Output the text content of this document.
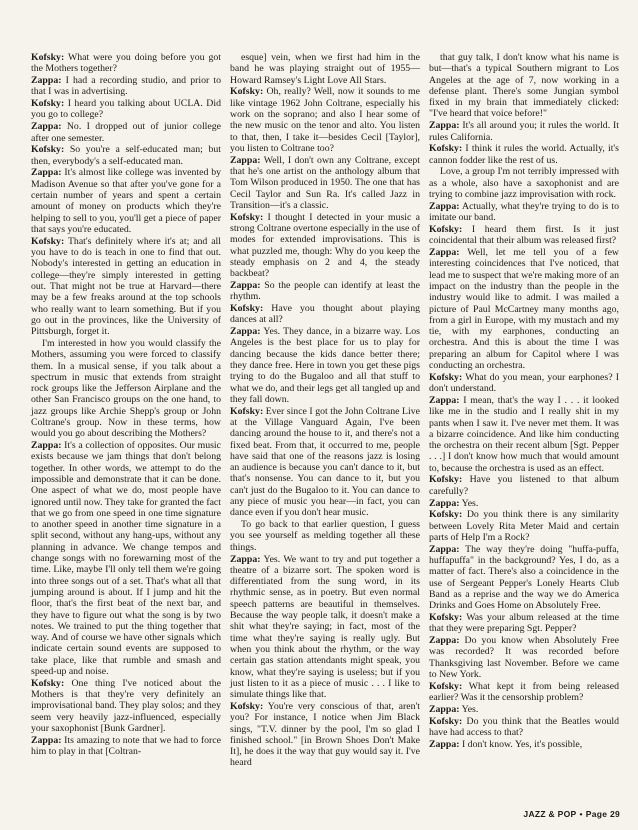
Kofsky: What were you doing before you got the Mothers together?

Zappa: I had a recording studio, and prior to that I was in advertising.

Kofsky: I heard you talking about UCLA. Did you go to college?

Zappa: No. I dropped out of junior college after one semester.

Kofsky: So you're a self-educated man; but then, everybody's a self-educated man.

Zappa: It's almost like college was invented by Madison Avenue so that after you've gone for a certain number of years and spent a certain amount of money on products which they're helping to sell to you, you'll get a piece of paper that says you're educated.

Kofsky: That's definitely where it's at; and all you have to do is teach in one to find that out. Nobody's interested in getting an education in college—they're simply interested in getting out. That might not be true at Harvard—there may be a few freaks around at the top schools who really want to learn something. But if you go out in the provinces, like the University of Pittsburgh, forget it.

I'm interested in how you would classify the Mothers, assuming you were forced to classify them. In a musical sense, if you talk about a spectrum in music that extends from straight rock groups like the Jefferson Airplane and the other San Francisco groups on the one hand, to jazz groups like Archie Shepp's group or John Coltrane's group. Now in these terms, how would you go about describing the Mothers?

Zappa: It's a collection of opposites. Our music exists because we jam things that don't belong together. In other words, we attempt to do the impossible and demonstrate that it can be done. One aspect of what we do, most people have ignored until now. They take for granted the fact that we go from one speed in one time signature to another speed in another time signature in a split second, without any hang-ups, without any planning in advance. We change tempos and change songs with no forewarning most of the time. Like, maybe I'll only tell them we're going into three songs out of a set. That's what all that jumping around is about. If I jump and hit the floor, that's the first beat of the next bar, and they have to figure out what the song is by two notes. We trained to put the thing together that way. And of course we have other signals which indicate certain sound events are supposed to take place, like that rumble and smash and speed-up and noise.

Kofsky: One thing I've noticed about the Mothers is that they're very definitely an improvisational band. They play solos; and they seem very heavily jazz-influenced, especially your saxophonist [Bunk Gardner].

Zappa: Its amazing to note that we had to force him to play in that [Coltran-

esque] vein, when we first had him in the band he was playing straight out of 1955—Howard Ramsey's Light Love All Stars.

Kofsky: Oh, really? Well, now it sounds to me like vintage 1962 John Coltrane, especially his work on the soprano; and also I hear some of the new music on the tenor and alto. You listen to that, then, I take it—besides Cecil [Taylor], you listen to Coltrane too?

Zappa: Well, I don't own any Coltrane, except that he's one artist on the anthology album that Tom Wilson produced in 1950. The one that has Cecil Taylor and Sun Ra. It's called Jazz in Transition—it's a classic.

Kofsky: I thought I detected in your music a strong Coltrane overtone especially in the use of modes for extended improvisations. This is what puzzled me, though: Why do you keep the steady emphasis on 2 and 4, the steady backbeat?

Zappa: So the people can identify at least the rhythm.

Kofsky: Have you thought about playing dances at all?

Zappa: Yes. They dance, in a bizarre way. Los Angeles is the best place for us to play for dancing because the kids dance better there; they dance free. Here in town you get these pigs trying to do the Bugaloo and all that stuff to what we do, and their legs get all tangled up and they fall down.

Kofsky: Ever since I got the John Coltrane Live at the Village Vanguard Again, I've been dancing around the house to it, and there's not a fixed beat. From that, it occurred to me, people have said that one of the reasons jazz is losing an audience is because you can't dance to it, but that's nonsense. You can dance to it, but you can't just do the Bugaloo to it. You can dance to any piece of music you hear—in fact, you can dance even if you don't hear music.

To go back to that earlier question, I guess you see yourself as melding together all these things.

Zappa: Yes. We want to try and put together a theatre of a bizarre sort. The spoken word is differentiated from the sung word, in its rhythmic sense, as in poetry. But even normal speech patterns are beautiful in themselves. Because the way people talk, it doesn't make a shit what they're saying; in fact, most of the time what they're saying is really ugly. But when you think about the rhythm, or the way certain gas station attendants might speak, you know, what they're saying is useless; but if you just listen to it as a piece of music . . . I like to simulate things like that.

Kofsky: You're very conscious of that, aren't you? For instance, I notice when Jim Black sings, "T.V. dinner by the pool, I'm so glad I finished school." [in Brown Shoes Don't Make It], he does it the way that guy would say it. I've heard

that guy talk, I don't know what his name is but—that's a typical Southern migrant to Los Angeles at the age of 7, now working in a defense plant. There's some Jungian symbol fixed in my brain that immediately clicked: "I've heard that voice before!"

Zappa: It's all around you; it rules the world. It rules California.

Kofsky: I think it rules the world. Actually, it's cannon fodder like the rest of us.

Love, a group I'm not terribly impressed with as a whole, also have a saxophonist and are trying to combine jazz improvisation with rock.

Zappa: Actually, what they're trying to do is to imitate our band.

Kofsky: I heard them first. Is it just coincidental that their album was released first?

Zappa: Well, let me tell you of a few interesting coincidences that I've noticed, that lead me to suspect that we're making more of an impact on the industry than the people in the industry would like to admit. I was mailed a picture of Paul McCartney many months ago, from a girl in Europe, with my mustach and my tie, with my earphones, conducting an orchestra. And this is about the time I was preparing an album for Capitol where I was conducting an orchestra.

Kofsky: What do you mean, your earphones? I don't understand.

Zappa: I mean, that's the way I . . . it looked like me in the studio and I really shit in my pants when I saw it. I've never met them. It was a bizarre coincidence. And like him conducting the orchestra on their recent album [Sgt. Pepper . . .] I don't know how much that would amount to, because the orchestra is used as an effect.

Kofsky: Have you listened to that album carefully?

Zappa: Yes.

Kofsky: Do you think there is any similarity between Lovely Rita Meter Maid and certain parts of Help I'm a Rock?

Zappa: The way they're doing "huffa-puffa, huffapuffa" in the background? Yes, I do, as a matter of fact. There's also a coincidence in the use of Sergeant Pepper's Lonely Hearts Club Band as a reprise and the way we do America Drinks and Goes Home on Absolutely Free.

Kofsky: Was your album released at the time that they were preparing Sgt. Pepper?

Zappa: Do you know when Absolutely Free was recorded? It was recorded before Thanksgiving last November. Before we came to New York.

Kofsky: What kept it from being released earlier? Was it the censorship problem?

Zappa: Yes.

Kofsky: Do you think that the Beatles would have had access to that?

Zappa: I don't know. Yes, it's possible,

JAZZ & POP • Page 29
